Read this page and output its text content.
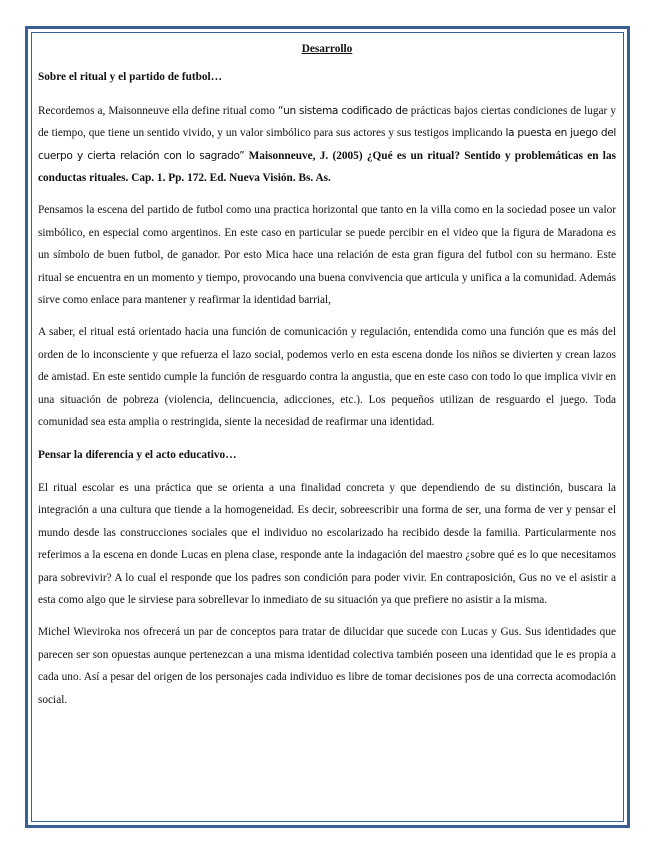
Desarrollo
Sobre el ritual y el partido de futbol…

Recordemos a, Maisonneuve ella define ritual como “un sistema codificado de prácticas bajos ciertas condiciones de lugar y de tiempo, que tiene un sentido vivido, y un valor simbólico para sus actores y sus testigos implicando la puesta en juego del cuerpo y cierta relación con lo sagrado” Maisonneuve, J. (2005) ¿Qué es un ritual? Sentido y problemáticas en las conductas rituales. Cap. 1. Pp. 172. Ed. Nueva Visión. Bs. As.

Pensamos la escena del partido de futbol como una practica horizontal que tanto en la villa como en la sociedad posee un valor simbólico, en especial como argentinos. En este caso en particular se puede percibir en el video que la figura de Maradona es un símbolo de buen futbol, de ganador. Por esto Mica hace una relación de esta gran figura del futbol con su hermano. Este ritual se encuentra en un momento y tiempo, provocando una buena convivencia que articula y unifica a la comunidad. Además sirve como enlace para mantener y reafirmar la identidad barrial,

A saber, el ritual está orientado hacia una función de comunicación y regulación, entendida como una función que es más del orden de lo inconsciente y que refuerza el lazo social, podemos verlo en esta escena donde los niños se divierten y crean lazos de amistad. En este sentido cumple la función de resguardo contra la angustia, que en este caso con todo lo que implica vivir en una situación de pobreza (violencia, delincuencia, adicciones, etc.). Los pequeños utilizan de resguardo el juego. Toda comunidad sea esta amplia o restringida, siente la necesidad de reafirmar una identidad.

Pensar la diferencia y el acto educativo…

El ritual escolar es una práctica que se orienta a una finalidad concreta y que dependiendo de su distinción, buscara la integración a una cultura que tiende a la homogeneidad. Es decir, sobreescribir una forma de ser, una forma de ver y pensar el mundo desde las construcciones sociales que el individuo no escolarizado ha recibido desde la familia. Particularmente nos referimos a la escena en donde Lucas en plena clase, responde ante la indagación del maestro ¿sobre qué es lo que necesitamos para sobrevivir? A lo cual el responde que los padres son condición para poder vivir. En contraposición, Gus no ve el asistir a esta como algo que le sirviese para sobrellevar lo inmediato de su situación ya que prefiere no asistir a la misma.

Michel Wieviroka nos ofrecerá un par de conceptos para tratar de dilucidar que sucede con Lucas y Gus. Sus identidades que parecen ser son opuestas aunque pertenezcan a una misma identidad colectiva también poseen una identidad que le es propia a cada uno. Así a pesar del origen de los personajes cada individuo es libre de tomar decisiones pos de una correcta acomodación social.
